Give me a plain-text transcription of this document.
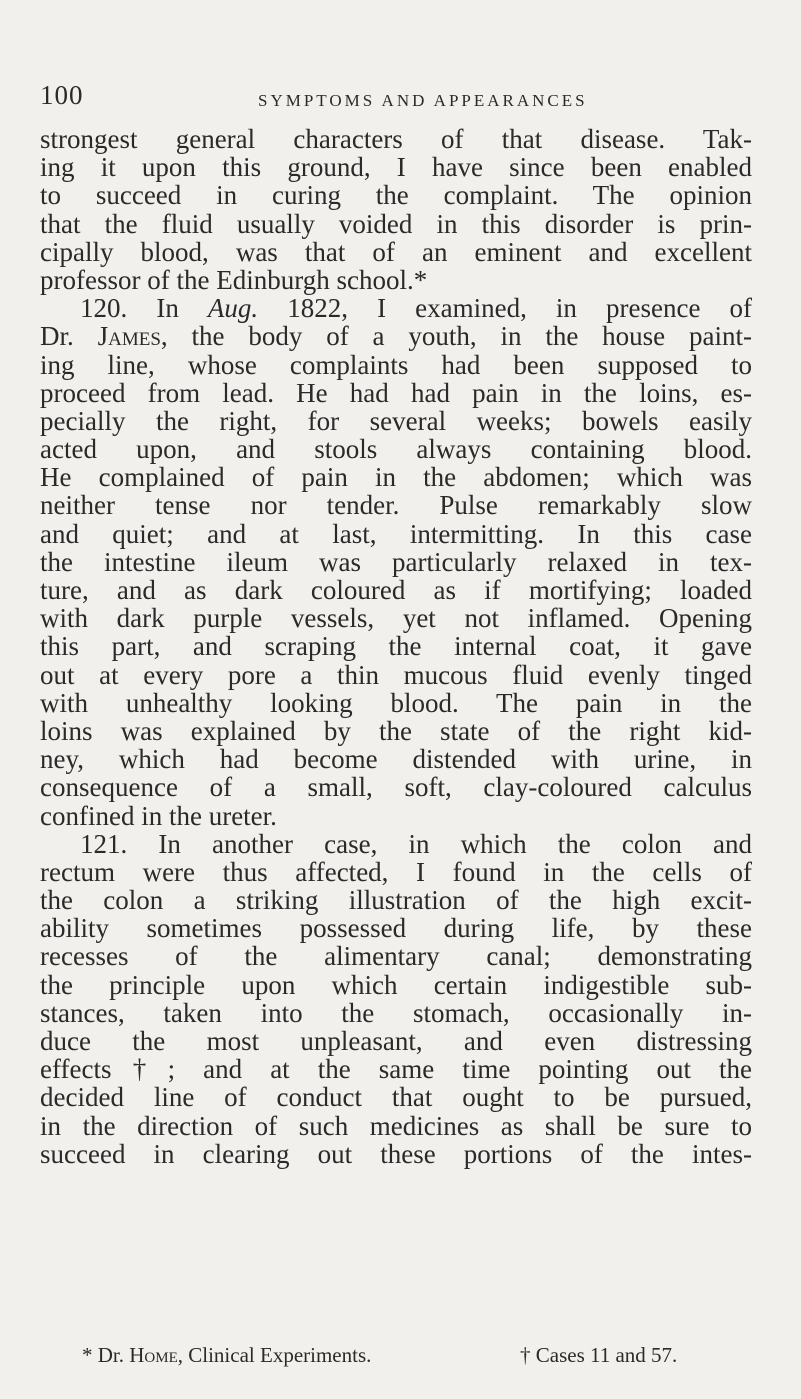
100	SYMPTOMS AND APPEARANCES
strongest general characters of that disease. Tak-
ing it upon this ground, I have since been enabled
to succeed in curing the complaint. The opinion
that the fluid usually voided in this disorder is prin-
cipally blood, was that of an eminent and excellent
professor of the Edinburgh school.*
120. In Aug. 1822, I examined, in presence of
Dr. James, the body of a youth, in the house paint-
ing line, whose complaints had been supposed to
proceed from lead. He had had pain in the loins, es-
pecially the right, for several weeks; bowels easily
acted upon, and stools always containing blood.
He complained of pain in the abdomen; which was
neither tense nor tender. Pulse remarkably slow
and quiet; and at last, intermitting. In this case
the intestine ileum was particularly relaxed in tex-
ture, and as dark coloured as if mortifying; loaded
with dark purple vessels, yet not inflamed. Opening
this part, and scraping the internal coat, it gave
out at every pore a thin mucous fluid evenly tinged
with unhealthy looking blood. The pain in the
loins was explained by the state of the right kid-
ney, which had become distended with urine, in
consequence of a small, soft, clay-coloured calculus
confined in the ureter.
121. In another case, in which the colon and
rectum were thus affected, I found in the cells of
the colon a striking illustration of the high excit-
ability sometimes possessed during life, by these
recesses of the alimentary canal; demonstrating
the principle upon which certain indigestible sub-
stances, taken into the stomach, occasionally in-
duce the most unpleasant, and even distressing
effects†; and at the same time pointing out the
decided line of conduct that ought to be pursued,
in the direction of such medicines as shall be sure to
succeed in clearing out these portions of the intes-
* Dr. Home, Clinical Experiments.	† Cases 11 and 57.
